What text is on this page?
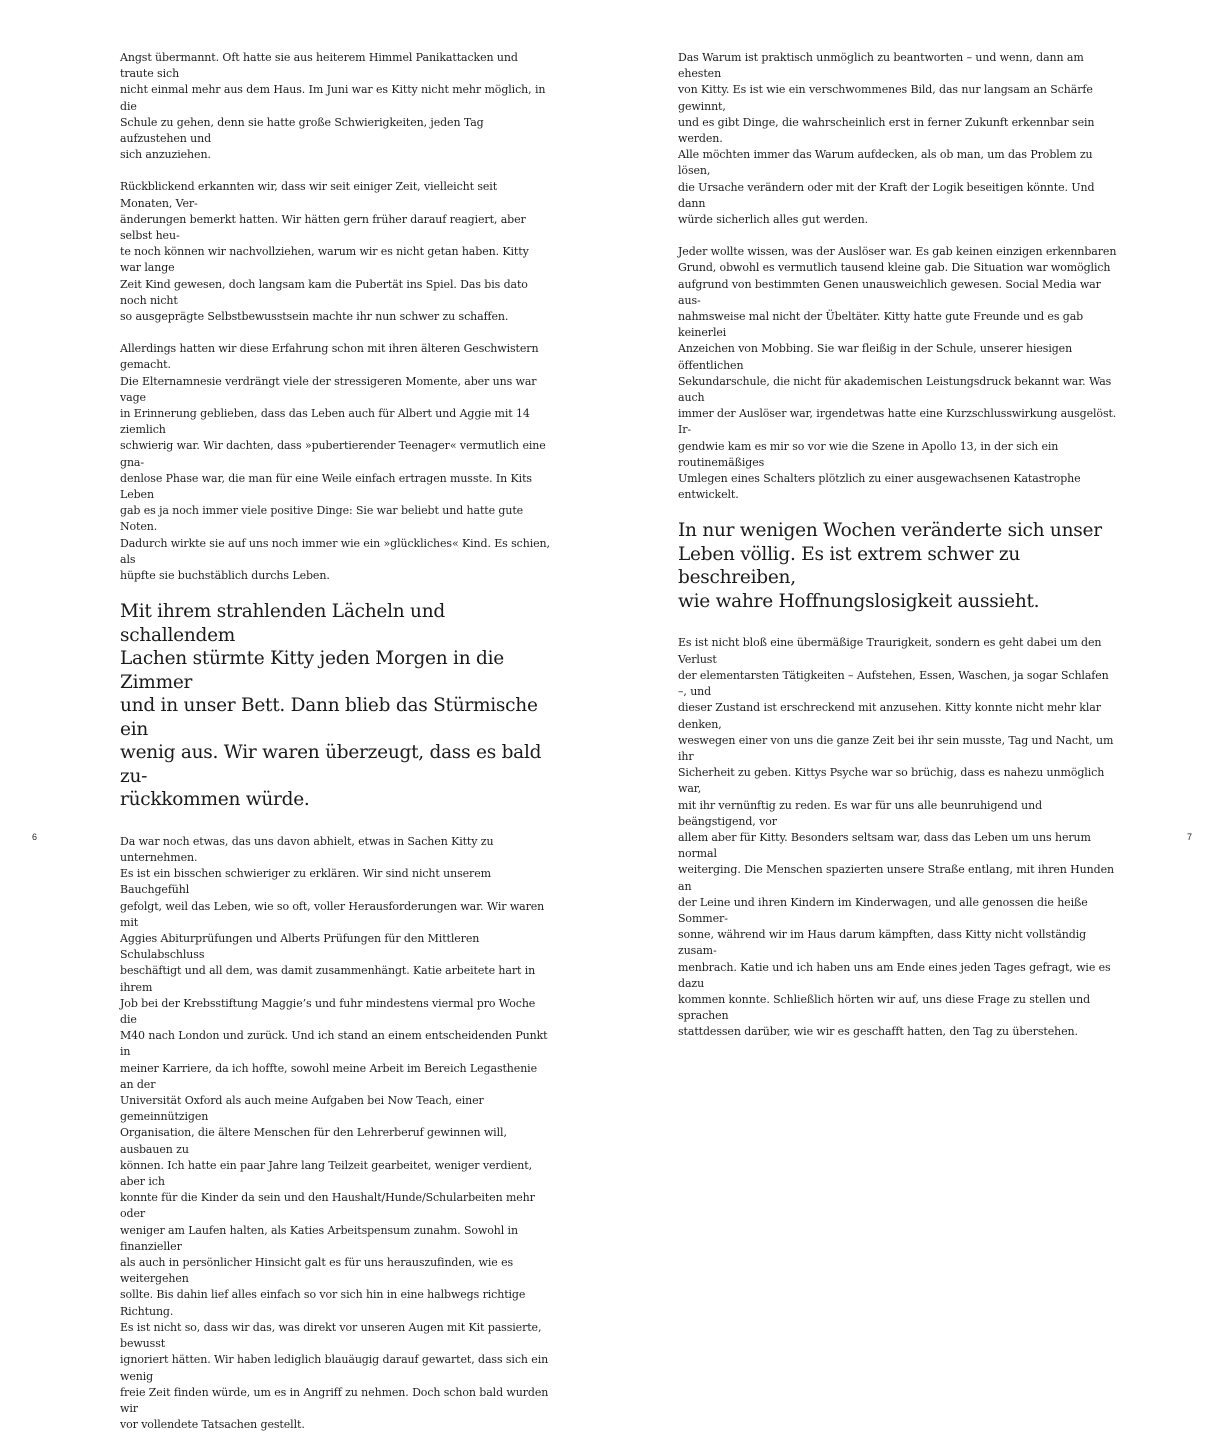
Angst übermannt. Oft hatte sie aus heiterem Himmel Panikattacken und traute sich
nicht einmal mehr aus dem Haus. Im Juni war es Kitty nicht mehr möglich, in die
Schule zu gehen, denn sie hatte große Schwierigkeiten, jeden Tag aufzustehen und
sich anzuziehen.

Rückblickend erkannten wir, dass wir seit einiger Zeit, vielleicht seit Monaten, Ver-
änderungen bemerkt hatten. Wir hätten gern früher darauf reagiert, aber selbst heu-
te noch können wir nachvollziehen, warum wir es nicht getan haben. Kitty war lange
Zeit Kind gewesen, doch langsam kam die Pubertät ins Spiel. Das bis dato noch nicht
so ausgeprägte Selbstbewusstsein machte ihr nun schwer zu schaffen.

Allerdings hatten wir diese Erfahrung schon mit ihren älteren Geschwistern gemacht.
Die Elternamnesie verdrängt viele der stressigeren Momente, aber uns war vage
in Erinnerung geblieben, dass das Leben auch für Albert und Aggie mit 14 ziemlich
schwierig war. Wir dachten, dass »pubertierender Teenager« vermutlich eine gna-
denlose Phase war, die man für eine Weile einfach ertragen musste. In Kits Leben
gab es ja noch immer viele positive Dinge: Sie war beliebt und hatte gute Noten.
Dadurch wirkte sie auf uns noch immer wie ein »glückliches« Kind. Es schien, als
hüpfte sie buchstäblich durchs Leben.

Mit ihrem strahlenden Lächeln und schallendem
Lachen stürmte Kitty jeden Morgen in die Zimmer
und in unser Bett. Dann blieb das Stürmische ein
wenig aus. Wir waren überzeugt, dass es bald zu-
rückkommen würde.

Da war noch etwas, das uns davon abhielt, etwas in Sachen Kitty zu unternehmen.
Es ist ein bisschen schwieriger zu erklären. Wir sind nicht unserem Bauchgefühl
gefolgt, weil das Leben, wie so oft, voller Herausforderungen war. Wir waren mit
Aggies Abiturprüfungen und Alberts Prüfungen für den Mittleren Schulabschluss
beschäftigt und all dem, was damit zusammenhängt. Katie arbeitete hart in ihrem
Job bei der Krebsstiftung Maggie’s und fuhr mindestens viermal pro Woche die
M40 nach London und zurück. Und ich stand an einem entscheidenden Punkt in
meiner Karriere, da ich hoffte, sowohl meine Arbeit im Bereich Legasthenie an der
Universität Oxford als auch meine Aufgaben bei Now Teach, einer gemeinnützigen
Organisation, die ältere Menschen für den Lehrerberuf gewinnen will, ausbauen zu
können. Ich hatte ein paar Jahre lang Teilzeit gearbeitet, weniger verdient, aber ich
konnte für die Kinder da sein und den Haushalt/Hunde/Schularbeiten mehr oder
weniger am Laufen halten, als Katies Arbeitspensum zunahm. Sowohl in finanzieller
als auch in persönlicher Hinsicht galt es für uns herauszufinden, wie es weitergehen
sollte. Bis dahin lief alles einfach so vor sich hin in eine halbwegs richtige Richtung.
Es ist nicht so, dass wir das, was direkt vor unseren Augen mit Kit passierte, bewusst
ignoriert hätten. Wir haben lediglich blauäugig darauf gewartet, dass sich ein wenig
freie Zeit finden würde, um es in Angriff zu nehmen. Doch schon bald wurden wir
vor vollendete Tatsachen gestellt.

6

Das Warum ist praktisch unmöglich zu beantworten – und wenn, dann am ehesten
von Kitty. Es ist wie ein verschwommenes Bild, das nur langsam an Schärfe gewinnt,
und es gibt Dinge, die wahrscheinlich erst in ferner Zukunft erkennbar sein werden.
Alle möchten immer das Warum aufdecken, als ob man, um das Problem zu lösen,
die Ursache verändern oder mit der Kraft der Logik beseitigen könnte. Und dann
würde sicherlich alles gut werden.

Jeder wollte wissen, was der Auslöser war. Es gab keinen einzigen erkennbaren
Grund, obwohl es vermutlich tausend kleine gab. Die Situation war womöglich
aufgrund von bestimmten Genen unausweichlich gewesen. Social Media war aus-
nahmsweise mal nicht der Übeltäter. Kitty hatte gute Freunde und es gab keinerlei
Anzeichen von Mobbing. Sie war fleißig in der Schule, unserer hiesigen öffentlichen
Sekundarschule, die nicht für akademischen Leistungsdruck bekannt war. Was auch
immer der Auslöser war, irgendetwas hatte eine Kurzschlusswirkung ausgelöst. Ir-
gendwie kam es mir so vor wie die Szene in Apollo 13, in der sich ein routinemäßiges
Umlegen eines Schalters plötzlich zu einer ausgewachsenen Katastrophe entwickelt.

In nur wenigen Wochen veränderte sich unser
Leben völlig. Es ist extrem schwer zu beschreiben,
wie wahre Hoffnungslosigkeit aussieht.

Es ist nicht bloß eine übermäßige Traurigkeit, sondern es geht dabei um den Verlust
der elementarsten Tätigkeiten – Aufstehen, Essen, Waschen, ja sogar Schlafen –, und
dieser Zustand ist erschreckend mit anzusehen. Kitty konnte nicht mehr klar denken,
weswegen einer von uns die ganze Zeit bei ihr sein musste, Tag und Nacht, um ihr
Sicherheit zu geben. Kittys Psyche war so brüchig, dass es nahezu unmöglich war,
mit ihr vernünftig zu reden. Es war für uns alle beunruhigend und beängstigend, vor
allem aber für Kitty. Besonders seltsam war, dass das Leben um uns herum normal
weiterging. Die Menschen spazierten unsere Straße entlang, mit ihren Hunden an
der Leine und ihren Kindern im Kinderwagen, und alle genossen die heiße Sommer-
sonne, während wir im Haus darum kämpften, dass Kitty nicht vollständig zusam-
menbrach. Katie und ich haben uns am Ende eines jeden Tages gefragt, wie es dazu
kommen konnte. Schließlich hörten wir auf, uns diese Frage zu stellen und sprachen
stattdessen darüber, wie wir es geschafft hatten, den Tag zu überstehen.

7
